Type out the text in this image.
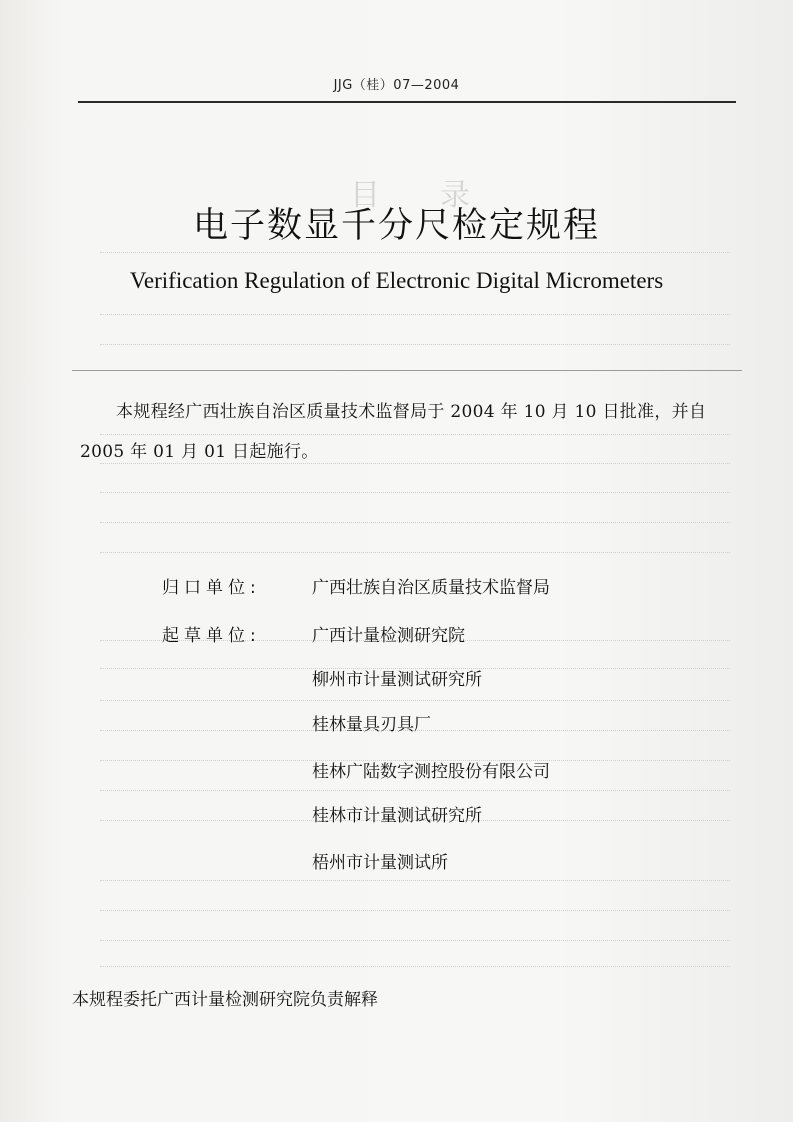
目录
JJG（桂）07—2004
电子数显千分尺检定规程
Verification Regulation of Electronic Digital Micrometers
本规程经广西壮族自治区质量技术监督局于 2004 年 10 月 10 日批准，并自 2005 年 01 月 01 日起施行。
归口单位:	广西壮族自治区质量技术监督局
起草单位:	广西计量检测研究院
柳州市计量测试研究所
桂林量具刃具厂
桂林广陆数字测控股份有限公司
桂林市计量测试研究所
梧州市计量测试所
本规程委托广西计量检测研究院负责解释
